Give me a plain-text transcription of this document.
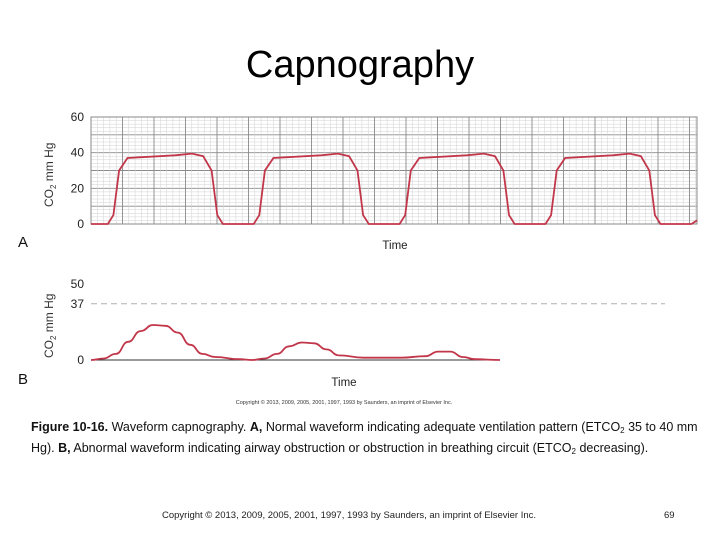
Capnography
0
20
40
60
$CO_2$ mm Hg
Time
0
37
50
$CO_2$ mm Hg
Time
Copyright © 2013, 2009, 2005, 2001, 1997, 1993 by Saunders, an imprint of Elsevier Inc.
A
B
Figure 10-16. Waveform capnography. A, Normal waveform indicating adequate ventilation pattern ($ETCO_2$ 35 to 40 mm Hg). B, Abnormal waveform indicating airway obstruction or obstruction in breathing circuit ($ETCO_2$ decreasing).
Copyright © 2013, 2009, 2005, 2001, 1997, 1993 by Saunders, an imprint of Elsevier Inc.	69
